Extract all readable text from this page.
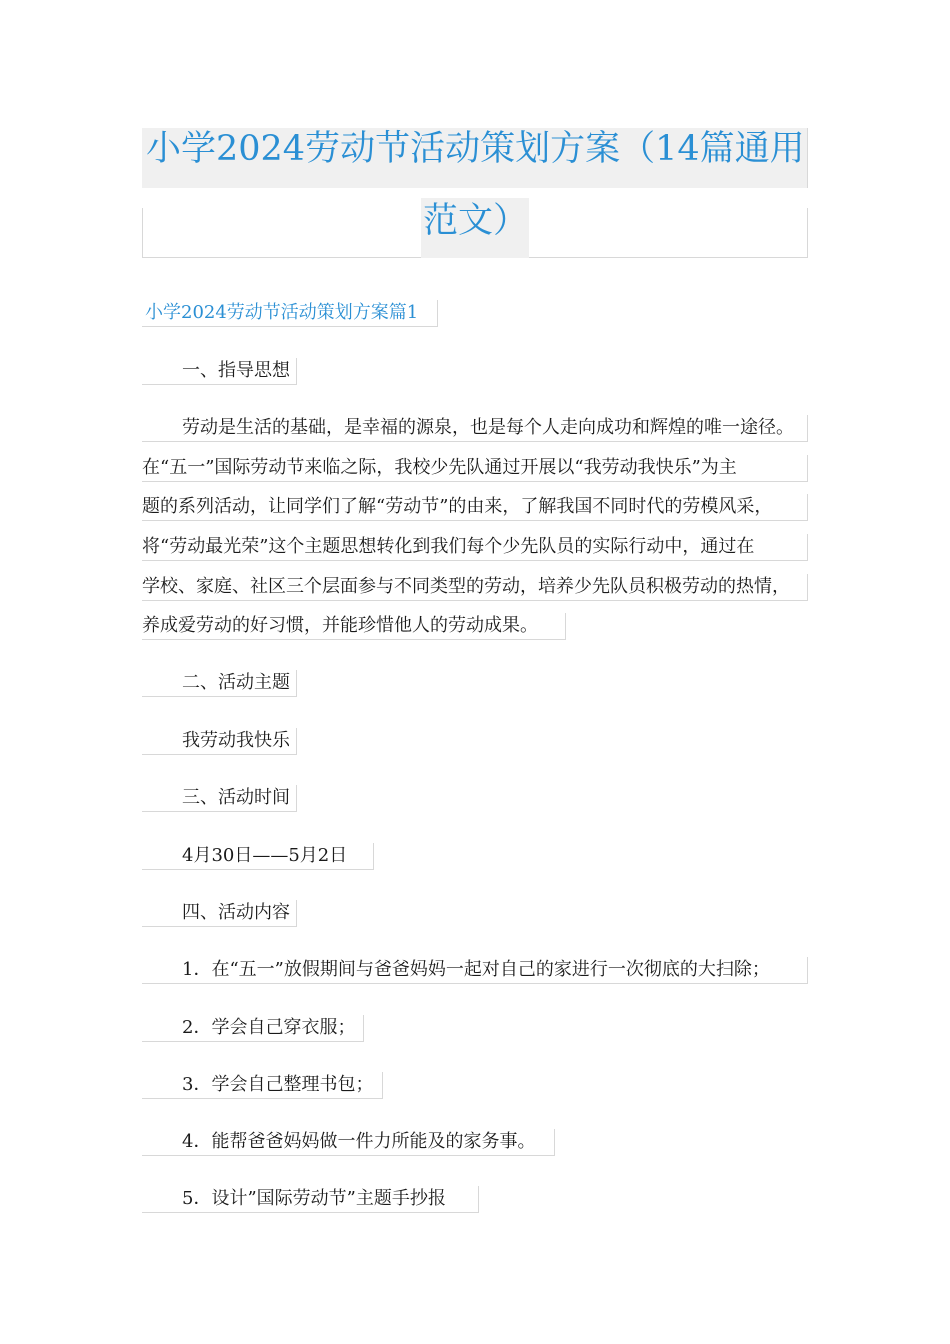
小学2024劳动节活动策划方案（14篇通用
范文）
小学2024劳动节活动策划方案篇1
一、指导思想
劳动是生活的基础，是幸福的源泉，也是每个人走向成功和辉煌的唯一途径。
在“五一”国际劳动节来临之际，我校少先队通过开展以“我劳动我快乐”为主
题的系列活动，让同学们了解“劳动节”的由来，了解我国不同时代的劳模风采，
将“劳动最光荣”这个主题思想转化到我们每个少先队员的实际行动中，通过在
学校、家庭、社区三个层面参与不同类型的劳动，培养少先队员积极劳动的热情，
养成爱劳动的好习惯，并能珍惜他人的劳动成果。
二、活动主题
我劳动我快乐
三、活动时间
4月30日——5月2日
四、活动内容
1．在“五一”放假期间与爸爸妈妈一起对自己的家进行一次彻底的大扫除；
2．学会自己穿衣服；
3．学会自己整理书包；
4．能帮爸爸妈妈做一件力所能及的家务事。
5．设计”国际劳动节”主题手抄报
